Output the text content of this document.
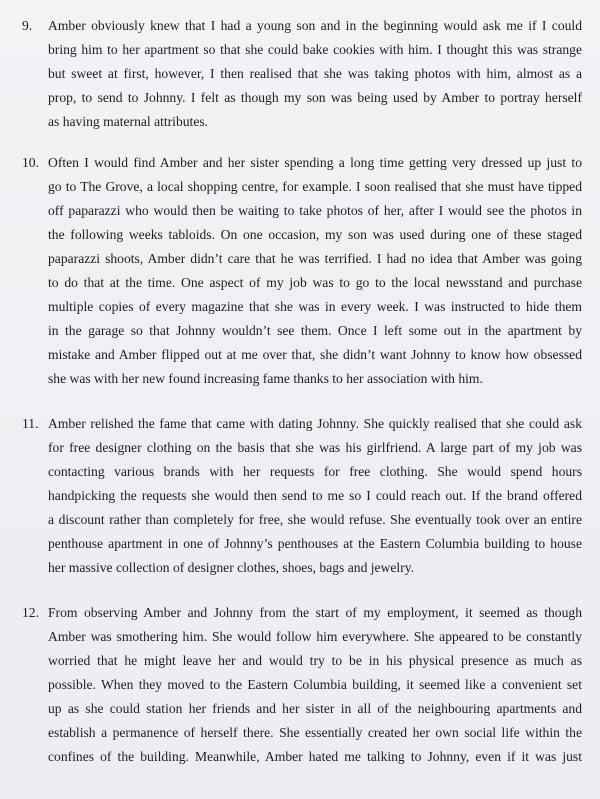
9. Amber obviously knew that I had a young son and in the beginning would ask me if I could
bring him to her apartment so that she could bake cookies with him. I thought this was strange
but sweet at first, however, I then realised that she was taking photos with him, almost as a
prop, to send to Johnny. I felt as though my son was being used by Amber to portray herself
as having maternal attributes.
10. Often I would find Amber and her sister spending a long time getting very dressed up just to
go to The Grove, a local shopping centre, for example. I soon realised that she must have tipped
off paparazzi who would then be waiting to take photos of her, after I would see the photos in
the following weeks tabloids. On one occasion, my son was used during one of these staged
paparazzi shoots, Amber didn’t care that he was terrified. I had no idea that Amber was going
to do that at the time. One aspect of my job was to go to the local newsstand and purchase
multiple copies of every magazine that she was in every week. I was instructed to hide them
in the garage so that Johnny wouldn’t see them. Once I left some out in the apartment by
mistake and Amber flipped out at me over that, she didn’t want Johnny to know how obsessed
she was with her new found increasing fame thanks to her association with him.
11. Amber relished the fame that came with dating Johnny. She quickly realised that she could ask
for free designer clothing on the basis that she was his girlfriend. A large part of my job was
contacting various brands with her requests for free clothing. She would spend hours
handpicking the requests she would then send to me so I could reach out. If the brand offered
a discount rather than completely for free, she would refuse. She eventually took over an entire
penthouse apartment in one of Johnny’s penthouses at the Eastern Columbia building to house
her massive collection of designer clothes, shoes, bags and jewelry.
12. From observing Amber and Johnny from the start of my employment, it seemed as though
Amber was smothering him. She would follow him everywhere. She appeared to be constantly
worried that he might leave her and would try to be in his physical presence as much as
possible. When they moved to the Eastern Columbia building, it seemed like a convenient set
up as she could station her friends and her sister in all of the neighbouring apartments and
establish a permanence of herself there. She essentially created her own social life within the
confines of the building. Meanwhile, Amber hated me talking to Johnny, even if it was just
